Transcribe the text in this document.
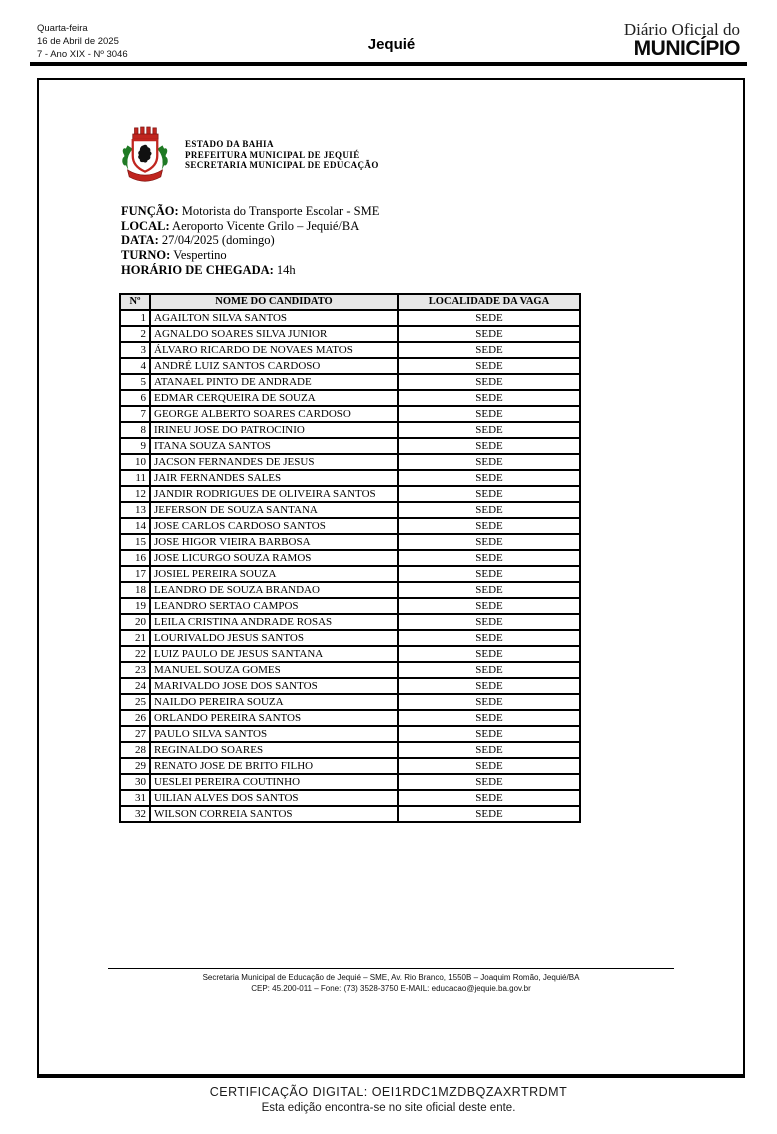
Quarta-feira
16 de Abril de 2025
7 - Ano XIX - Nº 3046
Jequié
Diário Oficial do
MUNICÍPIO
ESTADO DA BAHIA
PREFEITURA MUNICIPAL DE JEQUIÉ
SECRETARIA MUNICIPAL DE EDUCAÇÃO
FUNÇÃO: Motorista do Transporte Escolar - SME
LOCAL: Aeroporto Vicente Grilo – Jequié/BA
DATA: 27/04/2025 (domingo)
TURNO: Vespertino
HORÁRIO DE CHEGADA: 14h
Nº	NOME DO CANDIDATO	LOCALIDADE DA VAGA
1	AGAILTON SILVA SANTOS	SEDE
2	AGNALDO SOARES SILVA JUNIOR	SEDE
3	ÁLVARO RICARDO DE NOVAES MATOS	SEDE
4	ANDRÉ LUIZ SANTOS CARDOSO	SEDE
5	ATANAEL PINTO DE ANDRADE	SEDE
6	EDMAR CERQUEIRA DE SOUZA	SEDE
7	GEORGE ALBERTO SOARES CARDOSO	SEDE
8	IRINEU JOSE DO PATROCINIO	SEDE
9	ITANA SOUZA SANTOS	SEDE
10	JACSON FERNANDES DE JESUS	SEDE
11	JAIR FERNANDES SALES	SEDE
12	JANDIR RODRIGUES DE OLIVEIRA SANTOS	SEDE
13	JEFERSON DE SOUZA SANTANA	SEDE
14	JOSE CARLOS CARDOSO SANTOS	SEDE
15	JOSE HIGOR VIEIRA BARBOSA	SEDE
16	JOSE LICURGO SOUZA RAMOS	SEDE
17	JOSIEL PEREIRA SOUZA	SEDE
18	LEANDRO DE SOUZA BRANDAO	SEDE
19	LEANDRO SERTAO CAMPOS	SEDE
20	LEILA CRISTINA ANDRADE ROSAS	SEDE
21	LOURIVALDO JESUS SANTOS	SEDE
22	LUIZ PAULO DE JESUS SANTANA	SEDE
23	MANUEL SOUZA GOMES	SEDE
24	MARIVALDO JOSE DOS SANTOS	SEDE
25	NAILDO PEREIRA SOUZA	SEDE
26	ORLANDO PEREIRA SANTOS	SEDE
27	PAULO SILVA SANTOS	SEDE
28	REGINALDO SOARES	SEDE
29	RENATO JOSE DE BRITO FILHO	SEDE
30	UESLEI PEREIRA COUTINHO	SEDE
31	UILIAN ALVES DOS SANTOS	SEDE
32	WILSON CORREIA SANTOS	SEDE
Secretaria Municipal de Educação de Jequié – SME, Av. Rio Branco, 1550B – Joaquim Romão, Jequié/BA
CEP: 45.200-011 – Fone: (73) 3528-3750 E-MAIL: educacao@jequie.ba.gov.br
CERTIFICAÇÃO DIGITAL: OEI1RDC1MZDBQZAXRTRDMT
Esta edição encontra-se no site oficial deste ente.
